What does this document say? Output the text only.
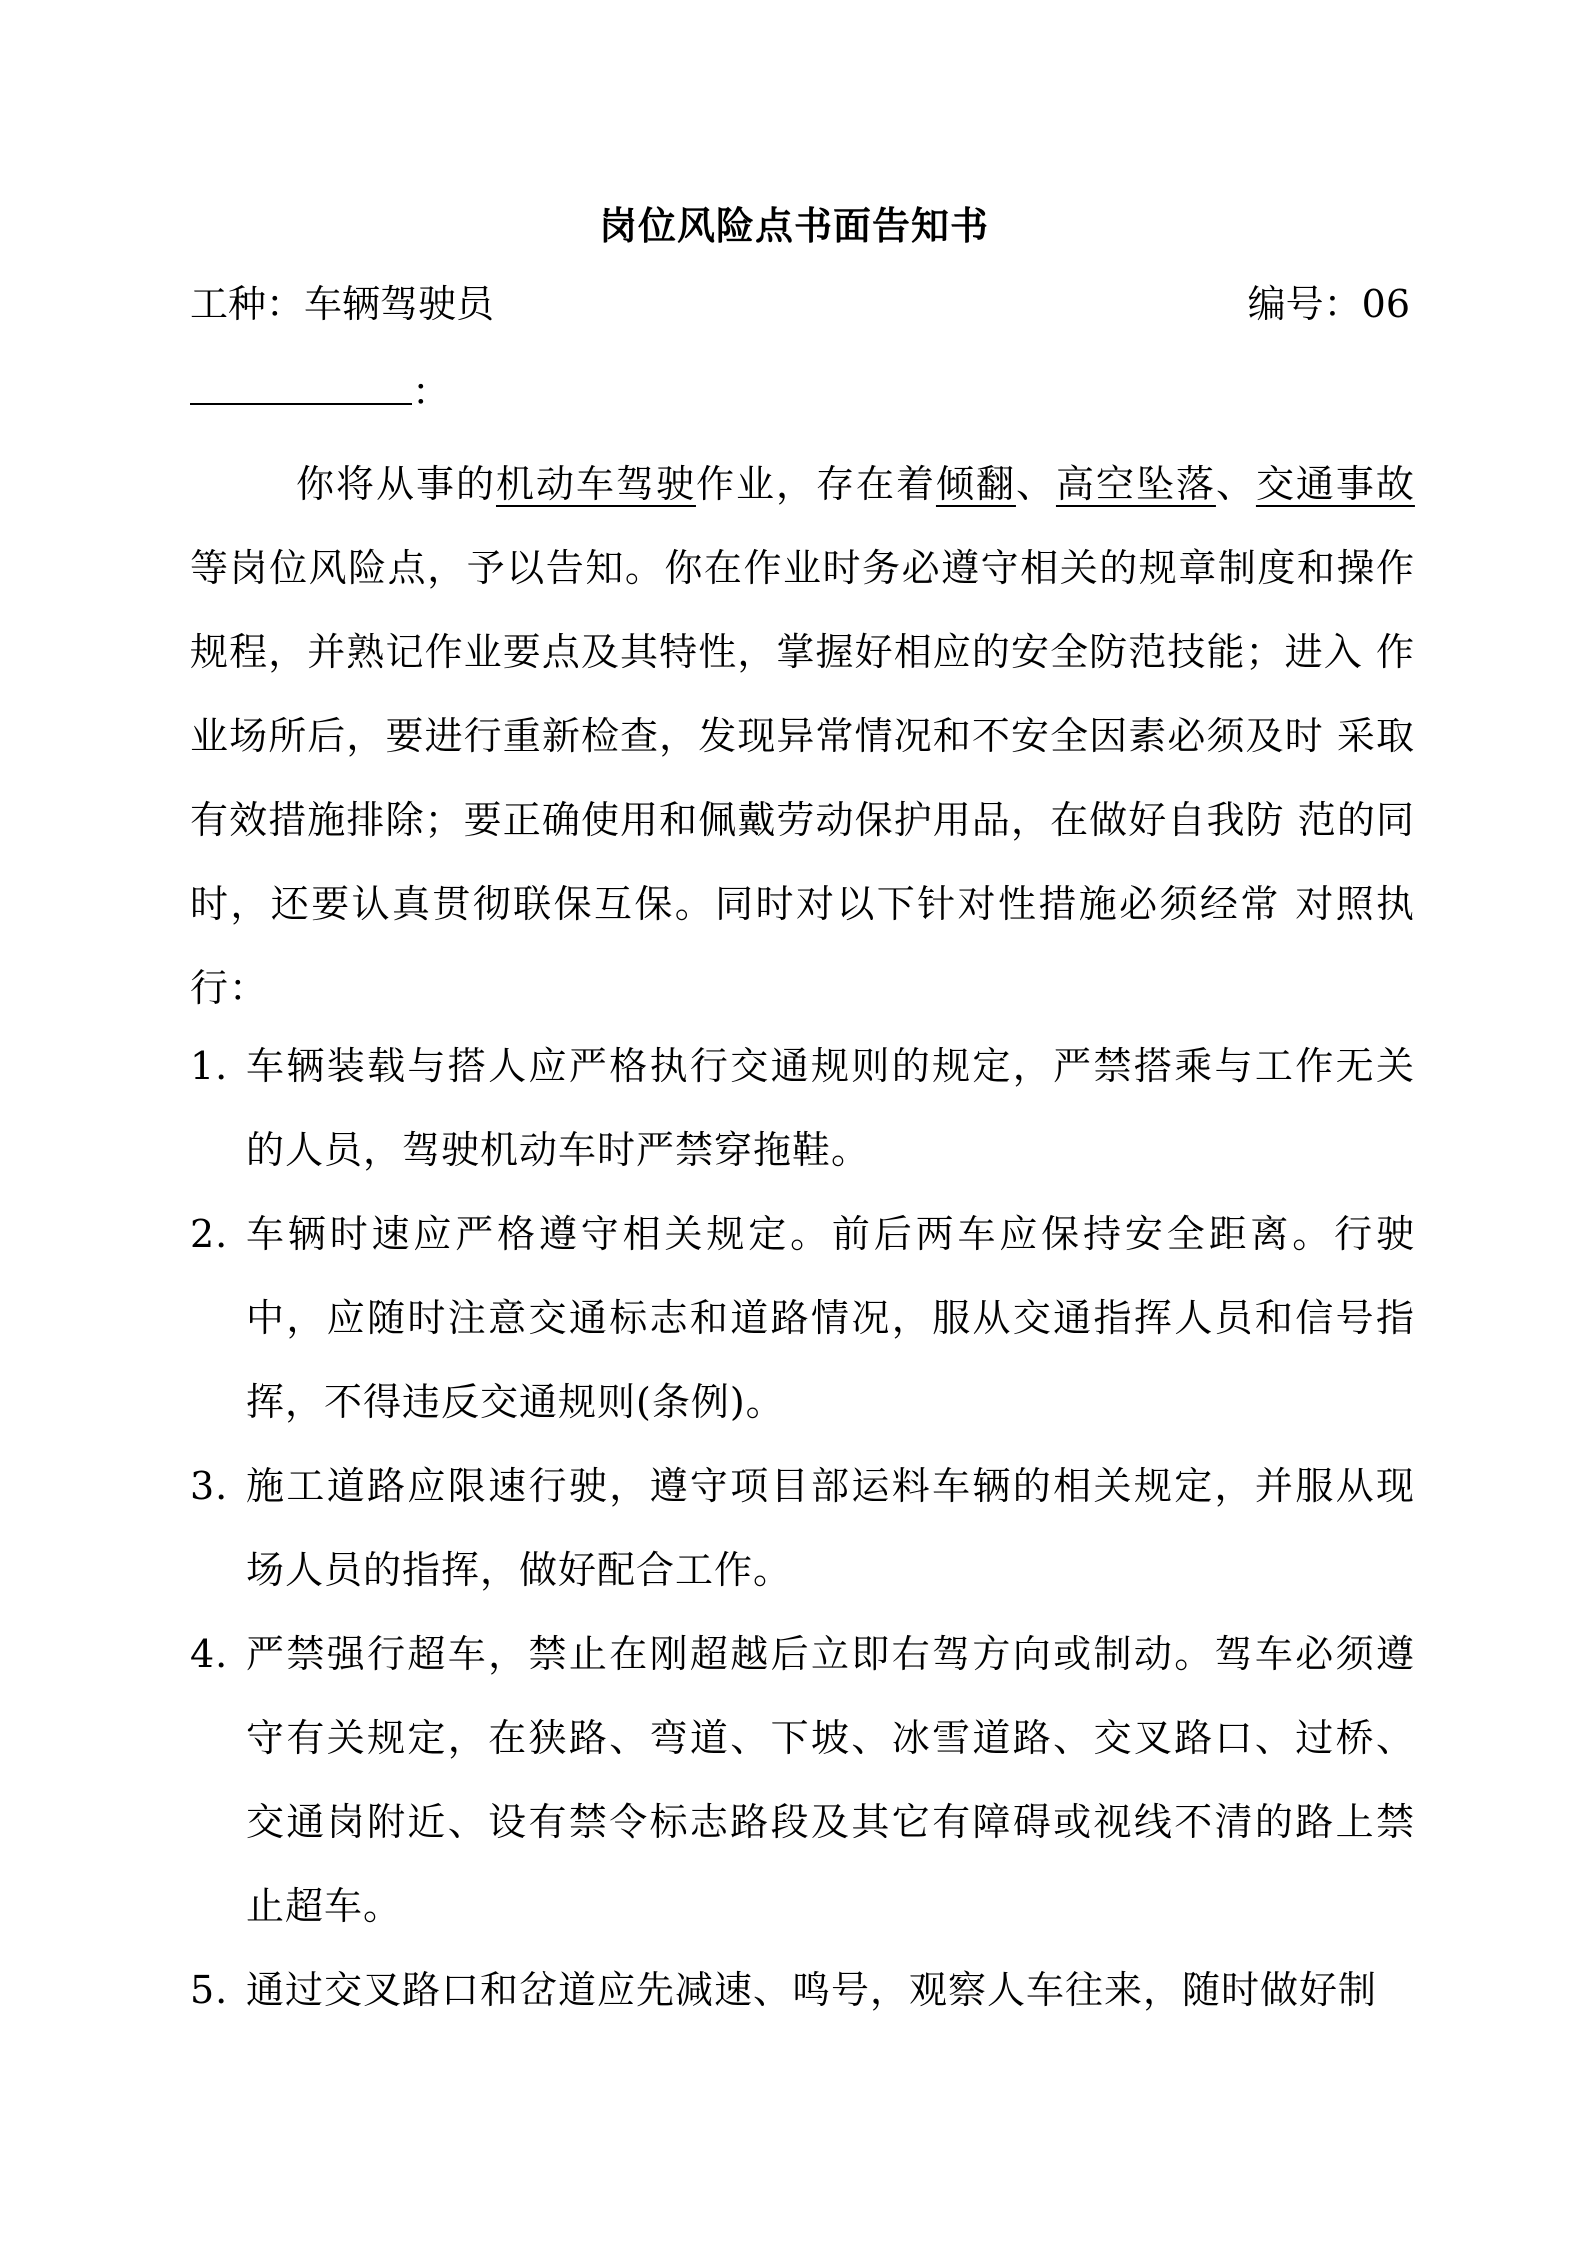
岗位风险点书面告知书
工种：车辆驾驶员	编号：06
：
你将从事的机动车驾驶作业，存在着倾翻、高空坠落、交通事故等岗位风险点，予以告知。你在作业时务必遵守相关的规章制度和操作 规程，并熟记作业要点及其特性，掌握好相应的安全防范技能；进入 作业场所后，要进行重新检查，发现异常情况和不安全因素必须及时 采取有效措施排除；要正确使用和佩戴劳动保护用品，在做好自我防 范的同时，还要认真贯彻联保互保。同时对以下针对性措施必须经常 对照执行：
1. 车辆装载与搭人应严格执行交通规则的规定，严禁搭乘与工作无关的人员，驾驶机动车时严禁穿拖鞋。
2. 车辆时速应严格遵守相关规定。前后两车应保持安全距离。行驶中，应随时注意交通标志和道路情况，服从交通指挥人员和信号指挥，不得违反交通规则(条例)。
3. 施工道路应限速行驶，遵守项目部运料车辆的相关规定，并服从现场人员的指挥，做好配合工作。
4. 严禁强行超车，禁止在刚超越后立即右驾方向或制动。驾车必须遵守有关规定，在狭路、弯道、下坡、冰雪道路、交叉路口、过桥、交通岗附近、设有禁令标志路段及其它有障碍或视线不清的路上禁止超车。
5. 通过交叉路口和岔道应先减速、鸣号，观察人车往来，随时做好制
